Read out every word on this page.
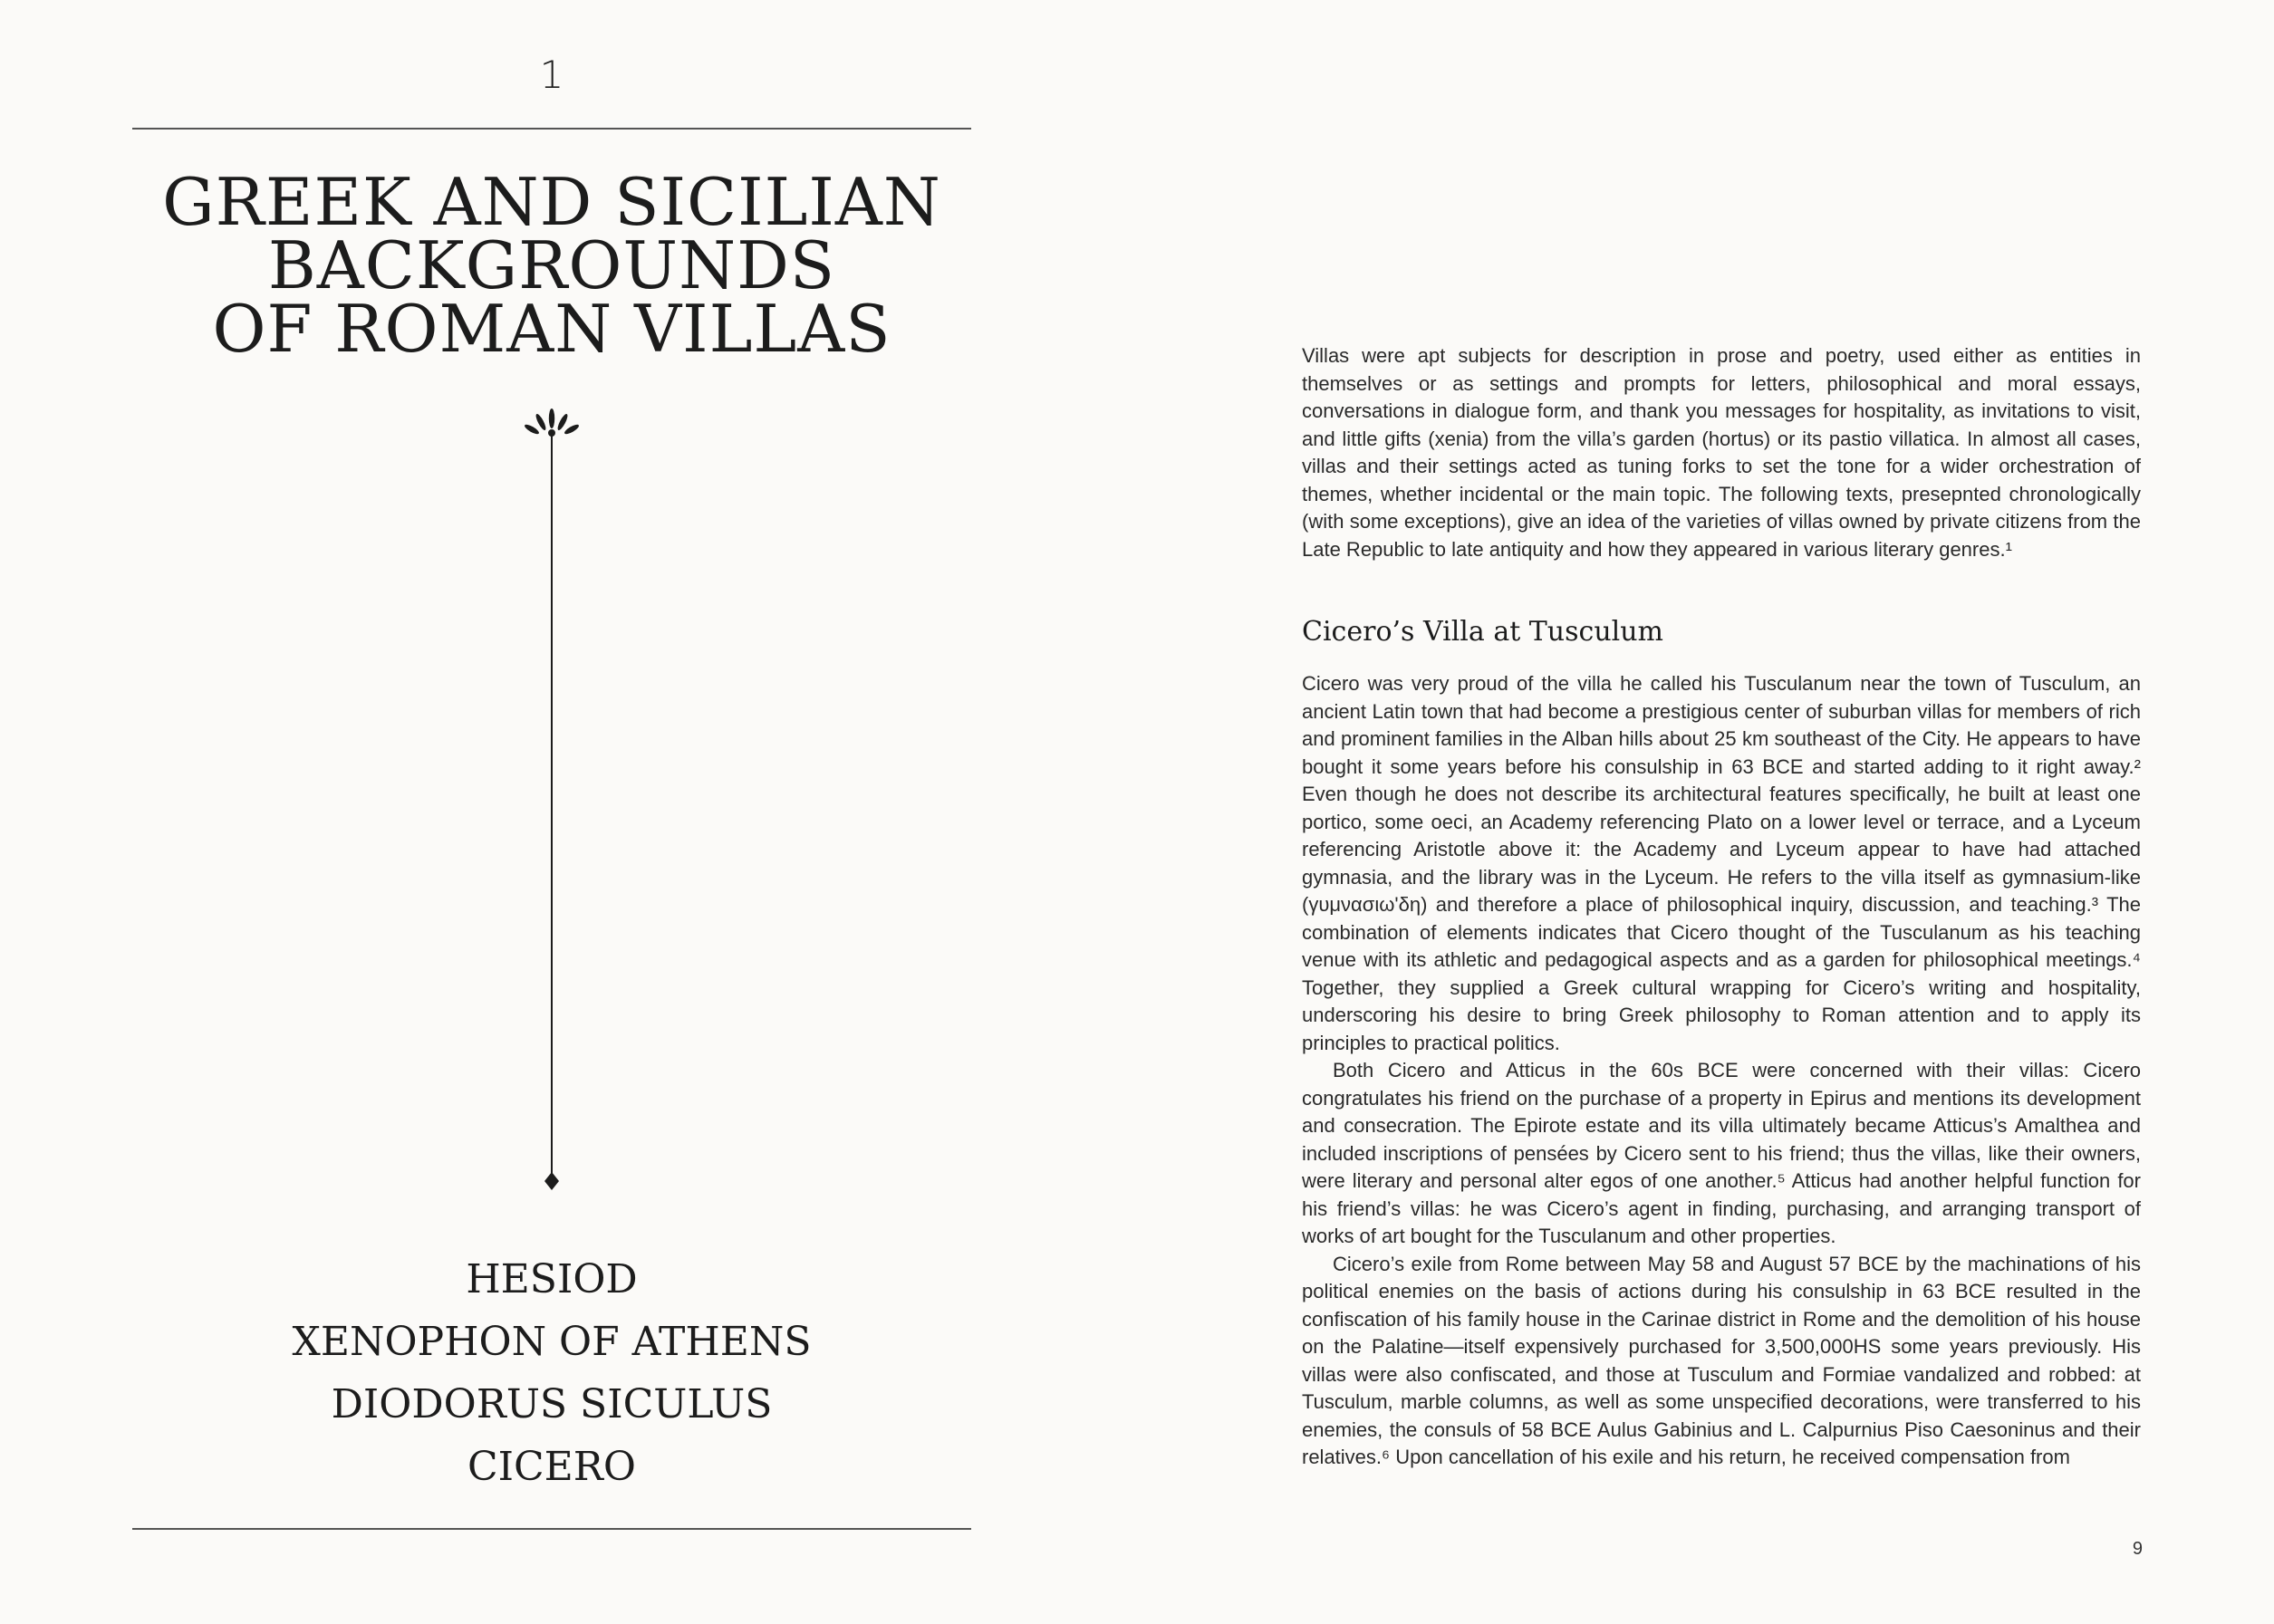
1
GREEK AND SICILIAN
BACKGROUNDS
OF ROMAN VILLAS
HESIOD
XENOPHON OF ATHENS
DIODORUS SICULUS
CICERO

Villas were apt subjects for description in prose and poetry, used either as entities in themselves or as settings and prompts for letters, philosophical and moral essays, conversations in dialogue form, and thank you messages for hospitality, as invitations to visit, and little gifts (xenia) from the villa’s garden (hortus) or its pastio villatica. In almost all cases, villas and their settings acted as tuning forks to set the tone for a wider orchestration of themes, whether incidental or the main topic. The following texts, presepnted chronologically (with some exceptions), give an idea of the varieties of villas owned by private citizens from the Late Republic to late antiquity and how they appeared in various literary genres.¹

Cicero’s Villa at Tusculum

Cicero was very proud of the villa he called his Tusculanum near the town of Tusculum, an ancient Latin town that had become a prestigious center of suburban villas for members of rich and prominent families in the Alban hills about 25 km southeast of the City. He appears to have bought it some years before his consulship in 63 BCE and started adding to it right away.² Even though he does not describe its architectural features specifically, he built at least one portico, some oeci, an Academy referencing Plato on a lower level or terrace, and a Lyceum referencing Aristotle above it: the Academy and Lyceum appear to have had attached gymnasia, and the library was in the Lyceum. He refers to the villa itself as gymnasium-like (γυμνασιω'δη) and therefore a place of philosophical inquiry, discussion, and teaching.³ The combination of elements indicates that Cicero thought of the Tusculanum as his teaching venue with its athletic and pedagogical aspects and as a garden for philosophical meetings.⁴ Together, they supplied a Greek cultural wrapping for Cicero’s writing and hospitality, underscoring his desire to bring Greek philosophy to Roman attention and to apply its principles to practical politics.

Both Cicero and Atticus in the 60s BCE were concerned with their villas: Cicero congratulates his friend on the purchase of a property in Epirus and mentions its development and consecration. The Epirote estate and its villa ultimately became Atticus’s Amalthea and included inscriptions of pensées by Cicero sent to his friend; thus the villas, like their owners, were literary and personal alter egos of one another.⁵ Atticus had another helpful function for his friend’s villas: he was Cicero’s agent in finding, purchasing, and arranging transport of works of art bought for the Tusculanum and other properties.

Cicero’s exile from Rome between May 58 and August 57 BCE by the machinations of his political enemies on the basis of actions during his consulship in 63 BCE resulted in the confiscation of his family house in the Carinae district in Rome and the demolition of his house on the Palatine—itself expensively purchased for 3,500,000HS some years previously. His villas were also confiscated, and those at Tusculum and Formiae vandalized and robbed: at Tusculum, marble columns, as well as some unspecified decorations, were transferred to his enemies, the consuls of 58 BCE Aulus Gabinius and L. Calpurnius Piso Caesoninus and their relatives.⁶ Upon cancellation of his exile and his return, he received compensation from

9
